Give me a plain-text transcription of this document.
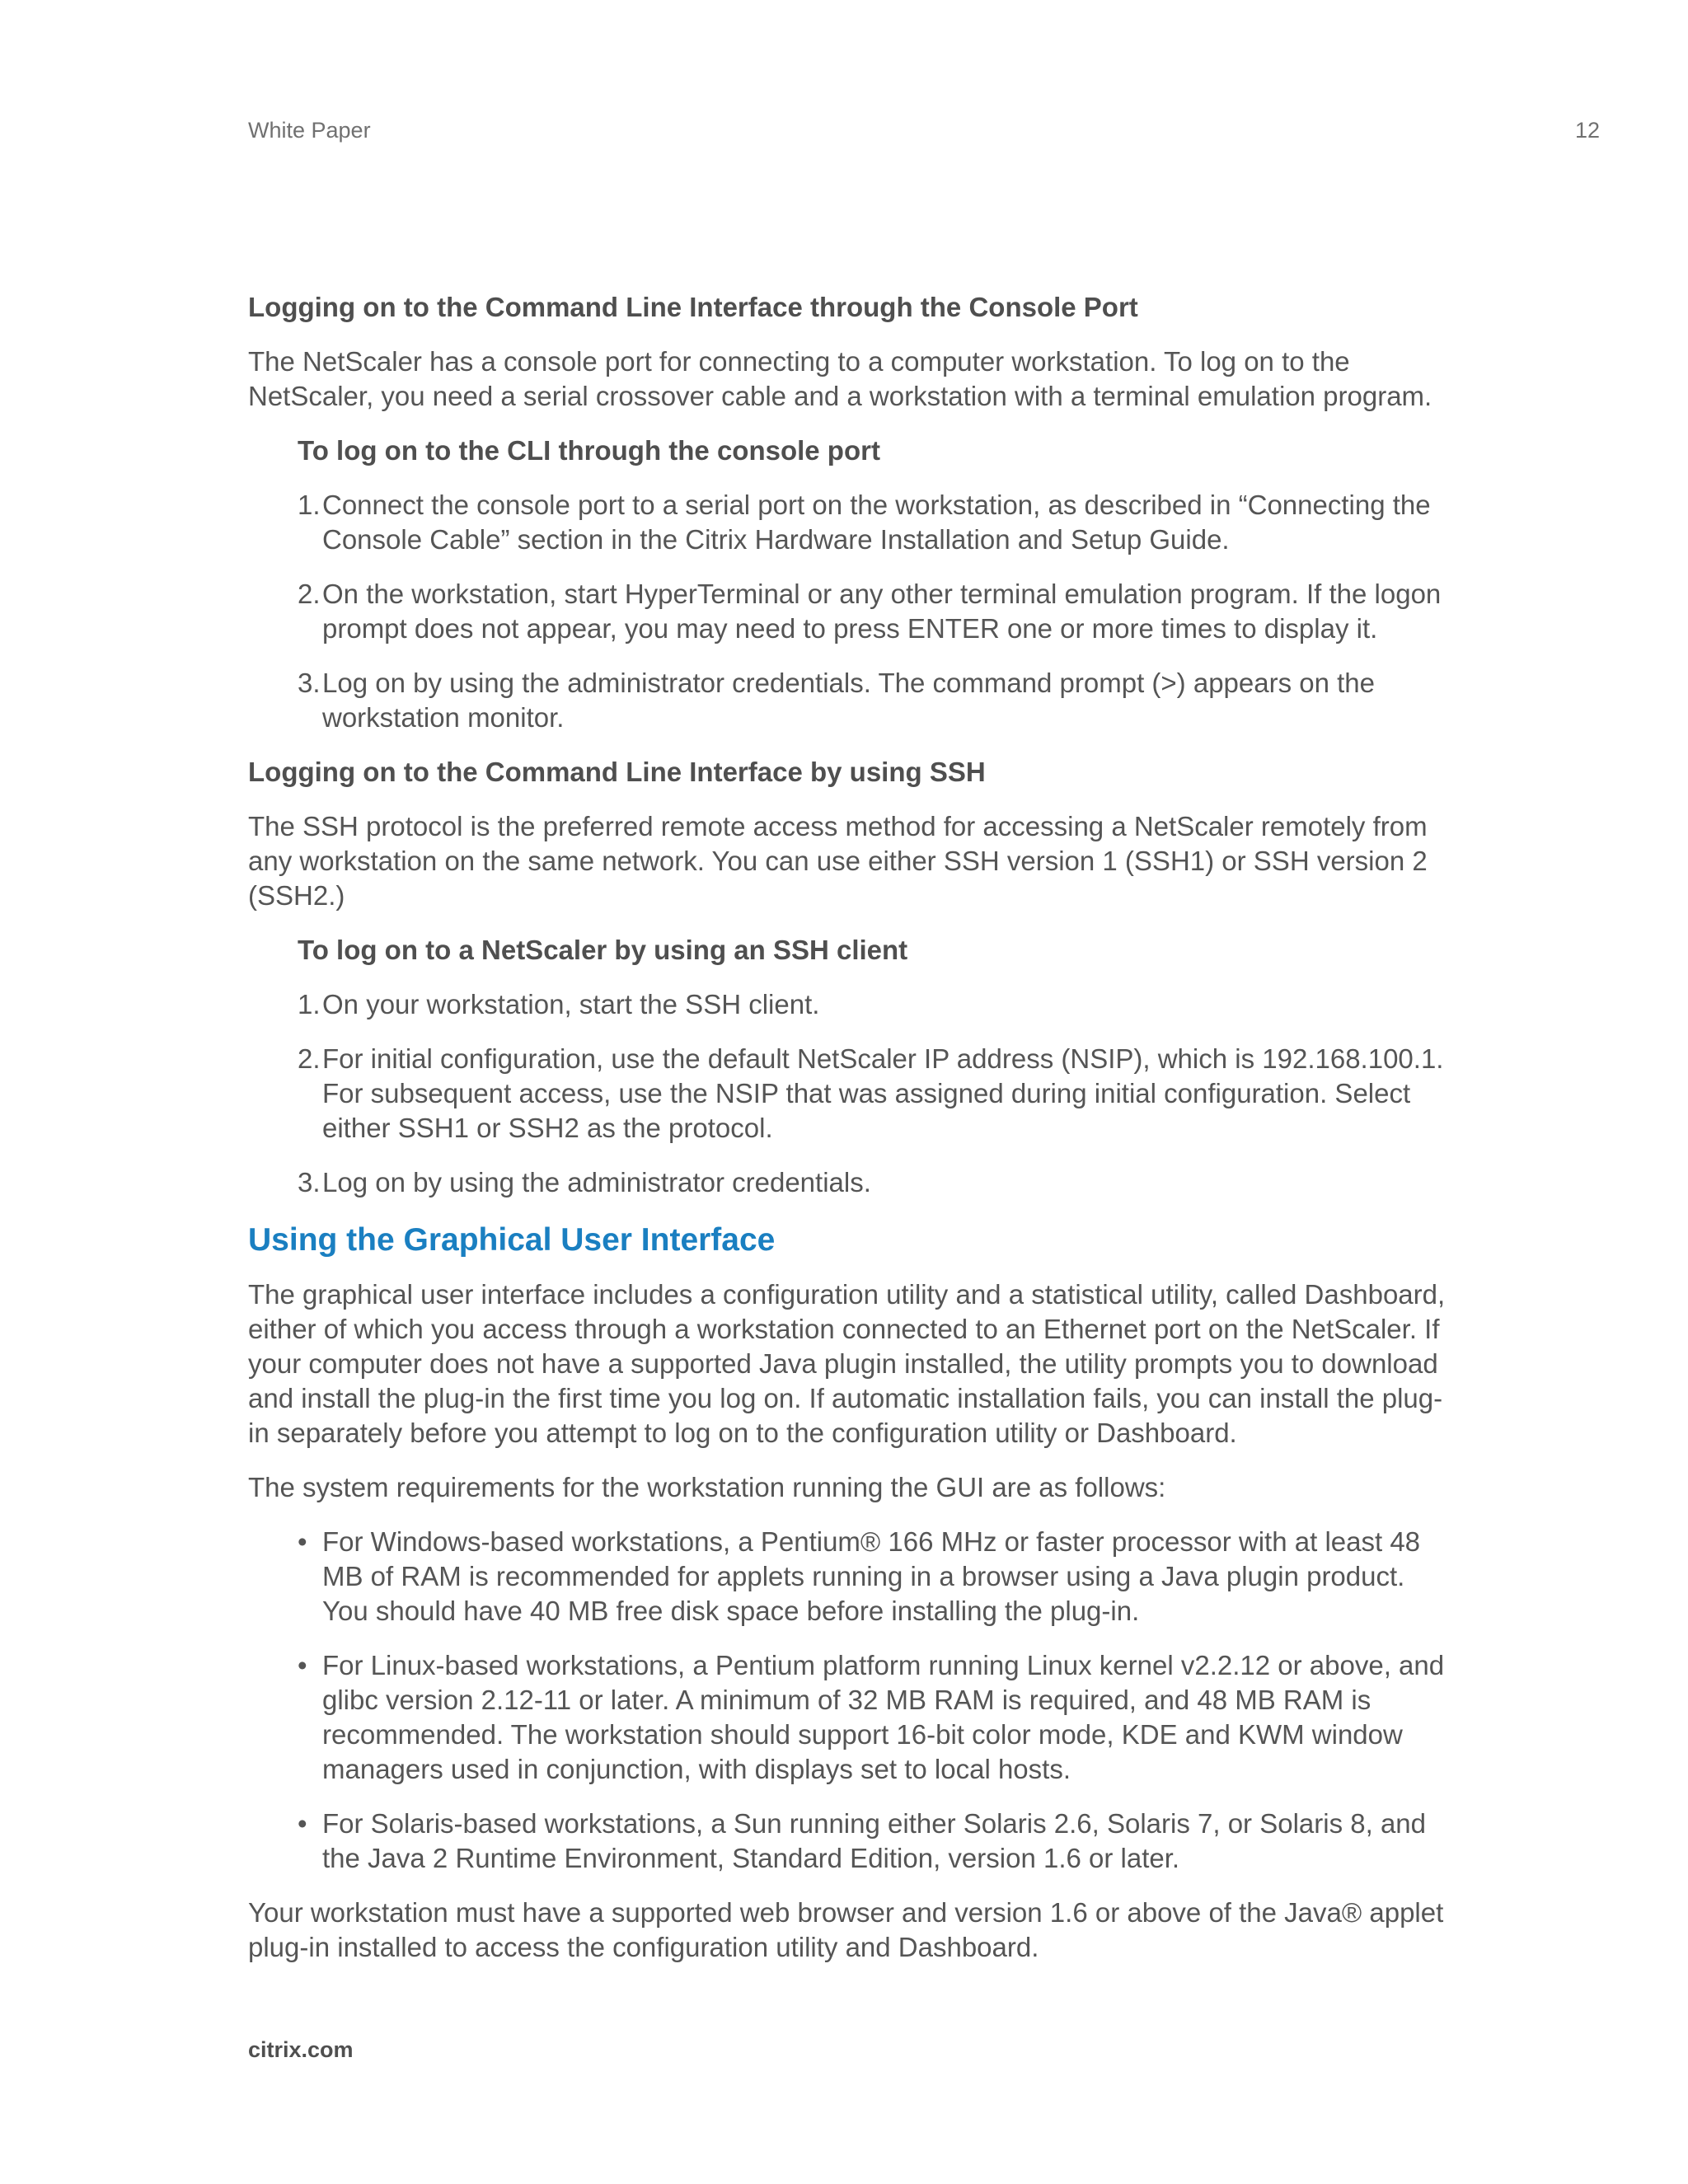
White Paper	12
Logging on to the Command Line Interface through the Console Port

The NetScaler has a console port for connecting to a computer workstation. To log on to the NetScaler, you need a serial crossover cable and a workstation with a terminal emulation program.

To log on to the CLI through the console port
1. Connect the console port to a serial port on the workstation, as described in “Connecting the Console Cable” section in the Citrix Hardware Installation and Setup Guide.
2. On the workstation, start HyperTerminal or any other terminal emulation program. If the logon prompt does not appear, you may need to press ENTER one or more times to display it.
3. Log on by using the administrator credentials. The command prompt (>) appears on the workstation monitor.
Logging on to the Command Line Interface by using SSH

The SSH protocol is the preferred remote access method for accessing a NetScaler remotely from any workstation on the same network. You can use either SSH version 1 (SSH1) or SSH version 2 (SSH2.)

To log on to a NetScaler by using an SSH client
1. On your workstation, start the SSH client.
2. For initial configuration, use the default NetScaler IP address (NSIP), which is 192.168.100.1. For subsequent access, use the NSIP that was assigned during initial configuration. Select either SSH1 or SSH2 as the protocol.
3. Log on by using the administrator credentials.
Using the Graphical User Interface

The graphical user interface includes a configuration utility and a statistical utility, called Dashboard, either of which you access through a workstation connected to an Ethernet port on the NetScaler. If your computer does not have a supported Java plugin installed, the utility prompts you to download and install the plug-in the first time you log on. If automatic installation fails, you can install the plug-in separately before you attempt to log on to the configuration utility or Dashboard.

The system requirements for the workstation running the GUI are as follows:

• For Windows-based workstations, a Pentium® 166 MHz or faster processor with at least 48 MB of RAM is recommended for applets running in a browser using a Java plugin product. You should have 40 MB free disk space before installing the plug-in.
• For Linux-based workstations, a Pentium platform running Linux kernel v2.2.12 or above, and glibc version 2.12-11 or later. A minimum of 32 MB RAM is required, and 48 MB RAM is recommended. The workstation should support 16-bit color mode, KDE and KWM window managers used in conjunction, with displays set to local hosts.
• For Solaris-based workstations, a Sun running either Solaris 2.6, Solaris 7, or Solaris 8, and the Java 2 Runtime Environment, Standard Edition, version 1.6 or later.

Your workstation must have a supported web browser and version 1.6 or above of the Java® applet plug-in installed to access the configuration utility and Dashboard.

citrix.com
